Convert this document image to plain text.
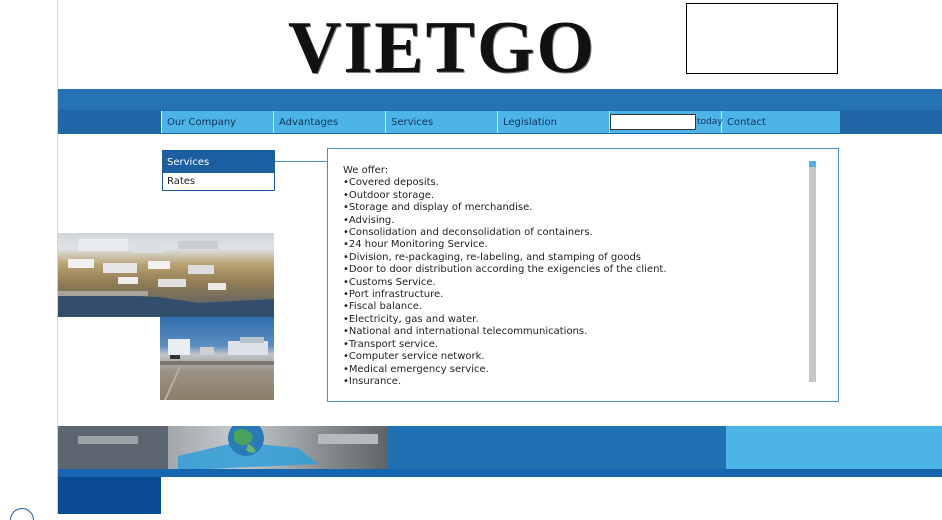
VIETGO
Our Company	Advantages	Services	Legislation	today Contact
Services
Rates
We offer:
•Covered deposits.
•Outdoor storage.
•Storage and display of merchandise.
•Advising.
•Consolidation and deconsolidation of containers.
•24 hour Monitoring Service.
•Division, re-packaging, re-labeling, and stamping of goods
•Door to door distribution according the exigencies of the client.
•Customs Service.
•Port infrastructure.
•Fiscal balance.
•Electricity, gas and water.
•National and international telecommunications.
•Transport service.
•Computer service network.
•Medical emergency service.
•Insurance.
